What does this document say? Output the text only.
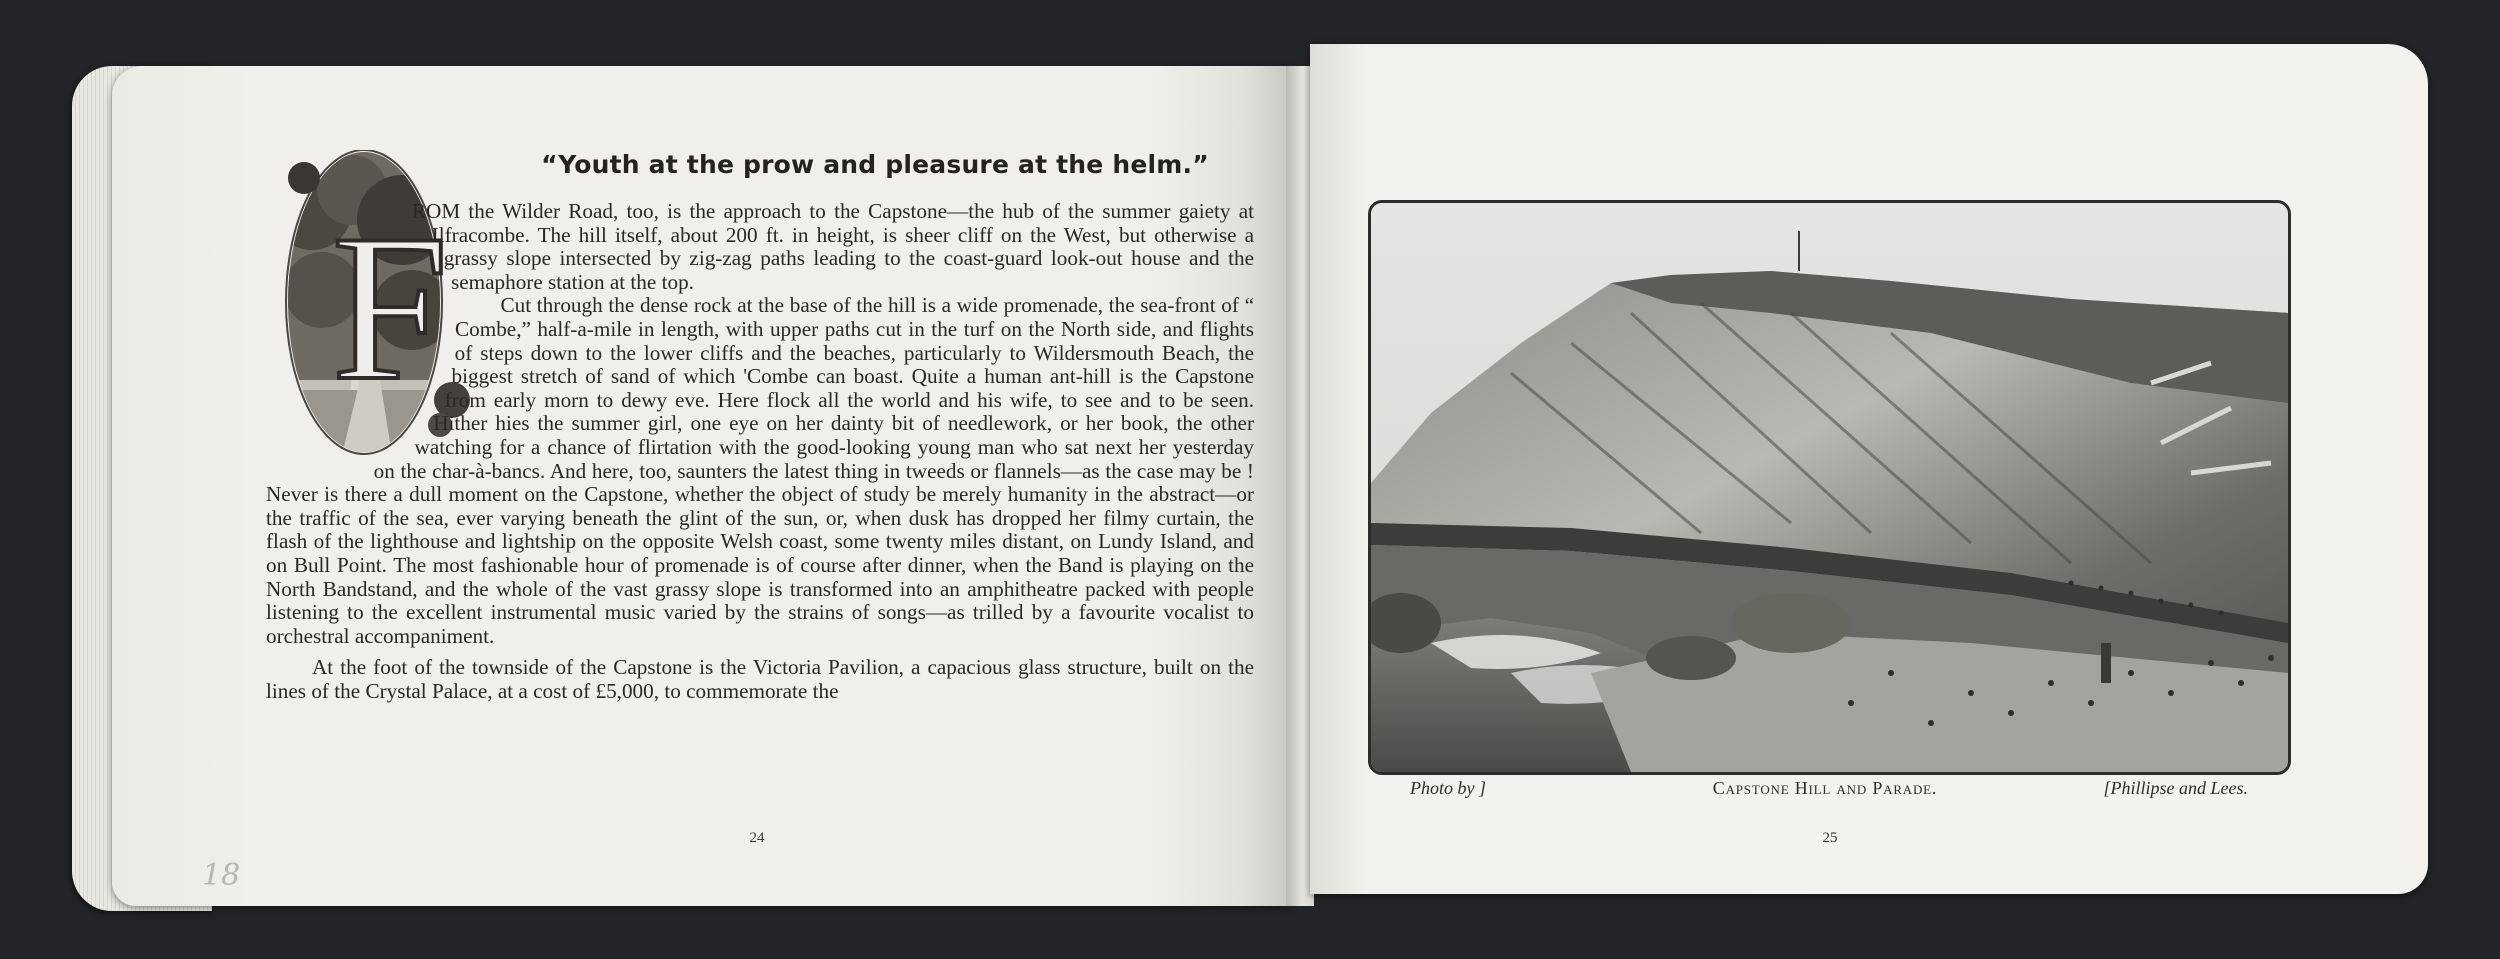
“Youth at the prow and pleasure at the helm.”
F

ROM the Wilder Road, too, is the approach to the Capstone—the hub of the summer gaiety at Ilfracombe. The hill itself, about 200 ft. in height, is sheer cliff on the West, but otherwise a grassy slope intersected by zig-zag paths leading to the coast-guard look-out house and the semaphore station at the top.

Cut through the dense rock at the base of the hill is a wide promenade, the sea-front of “ Combe,” half-a-mile in length, with upper paths cut in the turf on the North side, and flights of steps down to the lower cliffs and the beaches, particularly to Wildersmouth Beach, the biggest stretch of sand of which 'Combe can boast. Quite a human ant-hill is the Capstone from early morn to dewy eve. Here flock all the world and his wife, to see and to be seen. Hither hies the summer girl, one eye on her dainty bit of needlework, or her book, the other watching for a chance of flirtation with the good-looking young man who sat next her yesterday on the char-à-bancs. And here, too, saunters the latest thing in tweeds or flannels—as the case may be ! Never is there a dull moment on the Capstone, whether the object of study be merely humanity in the abstract—or the traffic of the sea, ever varying beneath the glint of the sun, or, when dusk has dropped her filmy curtain, the flash of the lighthouse and lightship on the opposite Welsh coast, some twenty miles distant, on Lundy Island, and on Bull Point. The most fashionable hour of promenade is of course after dinner, when the Band is playing on the North Bandstand, and the whole of the vast grassy slope is transformed into an amphitheatre packed with people listening to the excellent instrumental music varied by the strains of songs—as trilled by a favourite vocalist to orchestral accompaniment.

At the foot of the townside of the Capstone is the Victoria Pavilion, a capacious glass structure, built on the lines of the Crystal Palace, at a cost of £5,000, to commemorate the

24
18
Photo by ]	Capstone Hill and Parade.	[Phillipse and Lees.
25
